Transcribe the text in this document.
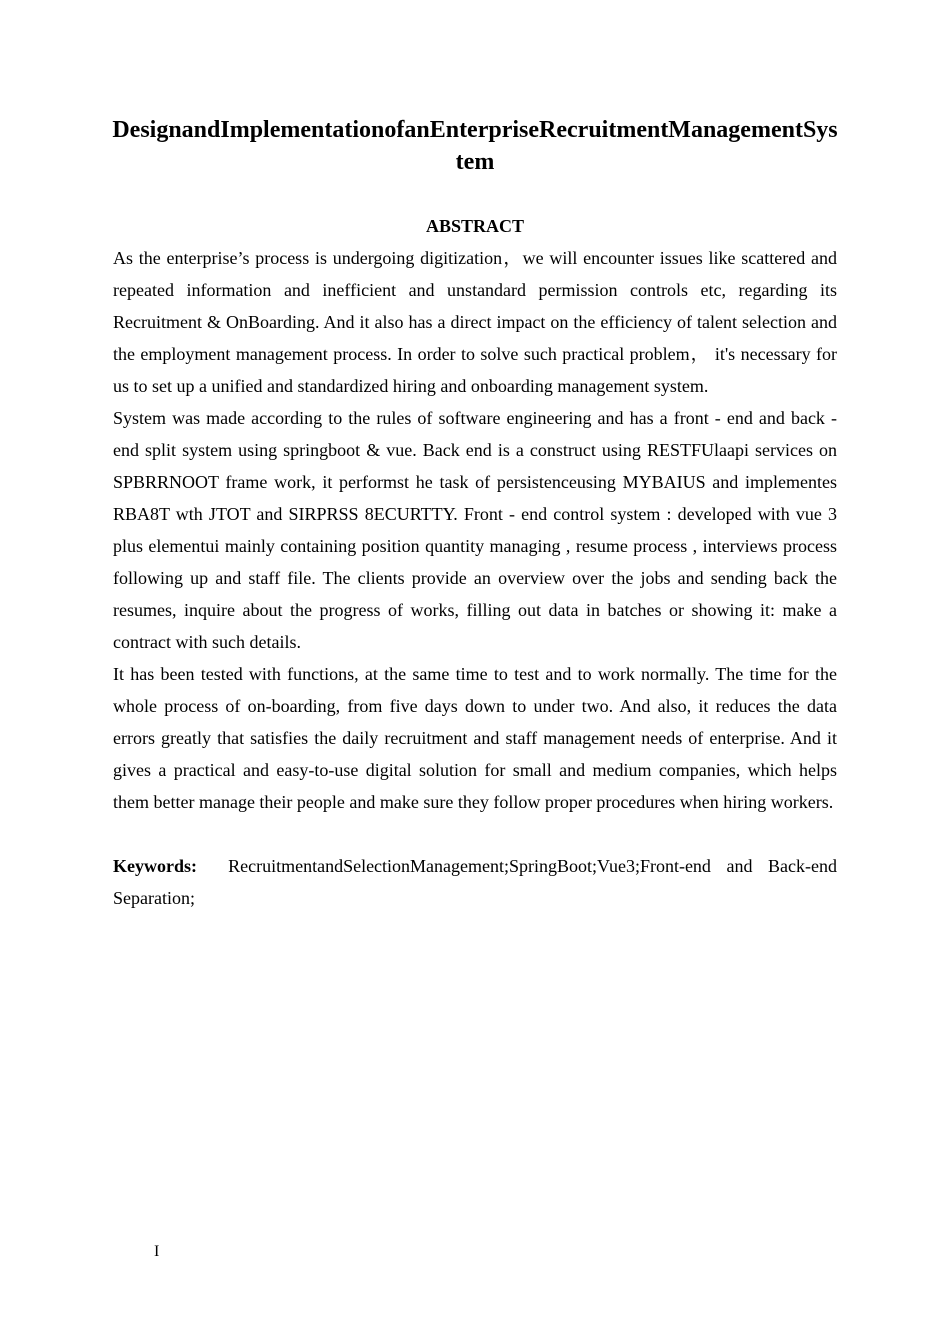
DesignandImplementationofanEnterpriseRecruitmentManagementSystem
ABSTRACT

As the enterprise’s process is undergoing digitization，we will encounter issues like scattered and repeated information and inefficient and unstandard permission controls etc, regarding its Recruitment & OnBoarding. And it also has a direct impact on the efficiency of talent selection and the employment management process. In order to solve such practical problem， it's necessary for us to set up a unified and standardized hiring and onboarding management system.

System was made according to the rules of software engineering and has a front - end and back - end split system using springboot & vue. Back end is a construct using RESTFUlaapi services on SPBRRNOOT frame work, it performst he task of persistenceusing MYBAIUS and implementes RBA8T wth JTOT and SIRPRSS 8ECURTTY. Front - end control system : developed with vue 3 plus elementui mainly containing position quantity managing , resume process , interviews process following up and staff file. The clients provide an overview over the jobs and sending back the resumes, inquire about the progress of works, filling out data in batches or showing it: make a contract with such details.

It has been tested with functions, at the same time to test and to work normally. The time for the whole process of on-boarding, from five days down to under two. And also, it reduces the data errors greatly that satisfies the daily recruitment and staff management needs of enterprise. And it gives a practical and easy-to-use digital solution for small and medium companies, which helps them better manage their people and make sure they follow proper procedures when hiring workers.

Keywords: RecruitmentandSelectionManagement;SpringBoot;Vue3;Front-end and Back-end Separation;

I
